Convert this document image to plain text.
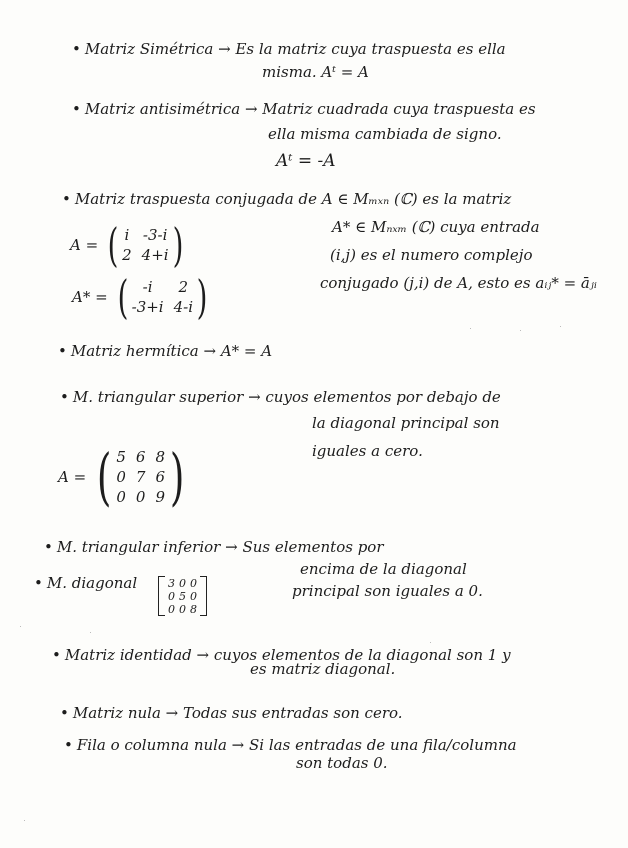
• Matriz Simétrica → Es la matriz cuya traspuesta es ella
misma. Aᵗ = A
• Matriz antisimétrica → Matriz cuadrada cuya traspuesta es
ella misma cambiada de signo.
Aᵗ = -A
• Matriz traspuesta conjugada de A ∈ Mₘₓₙ (ℂ) es la matriz
A* ∈ Mₙₓₘ (ℂ) cuya entrada
(i,j) es el numero complejo
conjugado (j,i) de A, esto es aᵢⱼ* = āⱼᵢ
A = ( i -3-i
2 4+i )
A* = ( -i	2
-3+i 4-i )
• Matriz hermítica → A* = A
• M. triangular superior → cuyos elementos por debajo de
la diagonal principal son
iguales a cero.
A = ( 5 6 8
0 7 6
0 0 9 )
• M. triangular inferior → Sus elementos por
encima de la diagonal
• M. diagonal	3 0 0
0 5 0
0 0 8
principal son iguales a 0.
• Matriz identidad → cuyos elementos de la diagonal son 1 y
es matriz diagonal.
• Matriz nula → Todas sus entradas son cero.
• Fila o columna nula → Si las entradas de una fila/columna
son todas 0.
